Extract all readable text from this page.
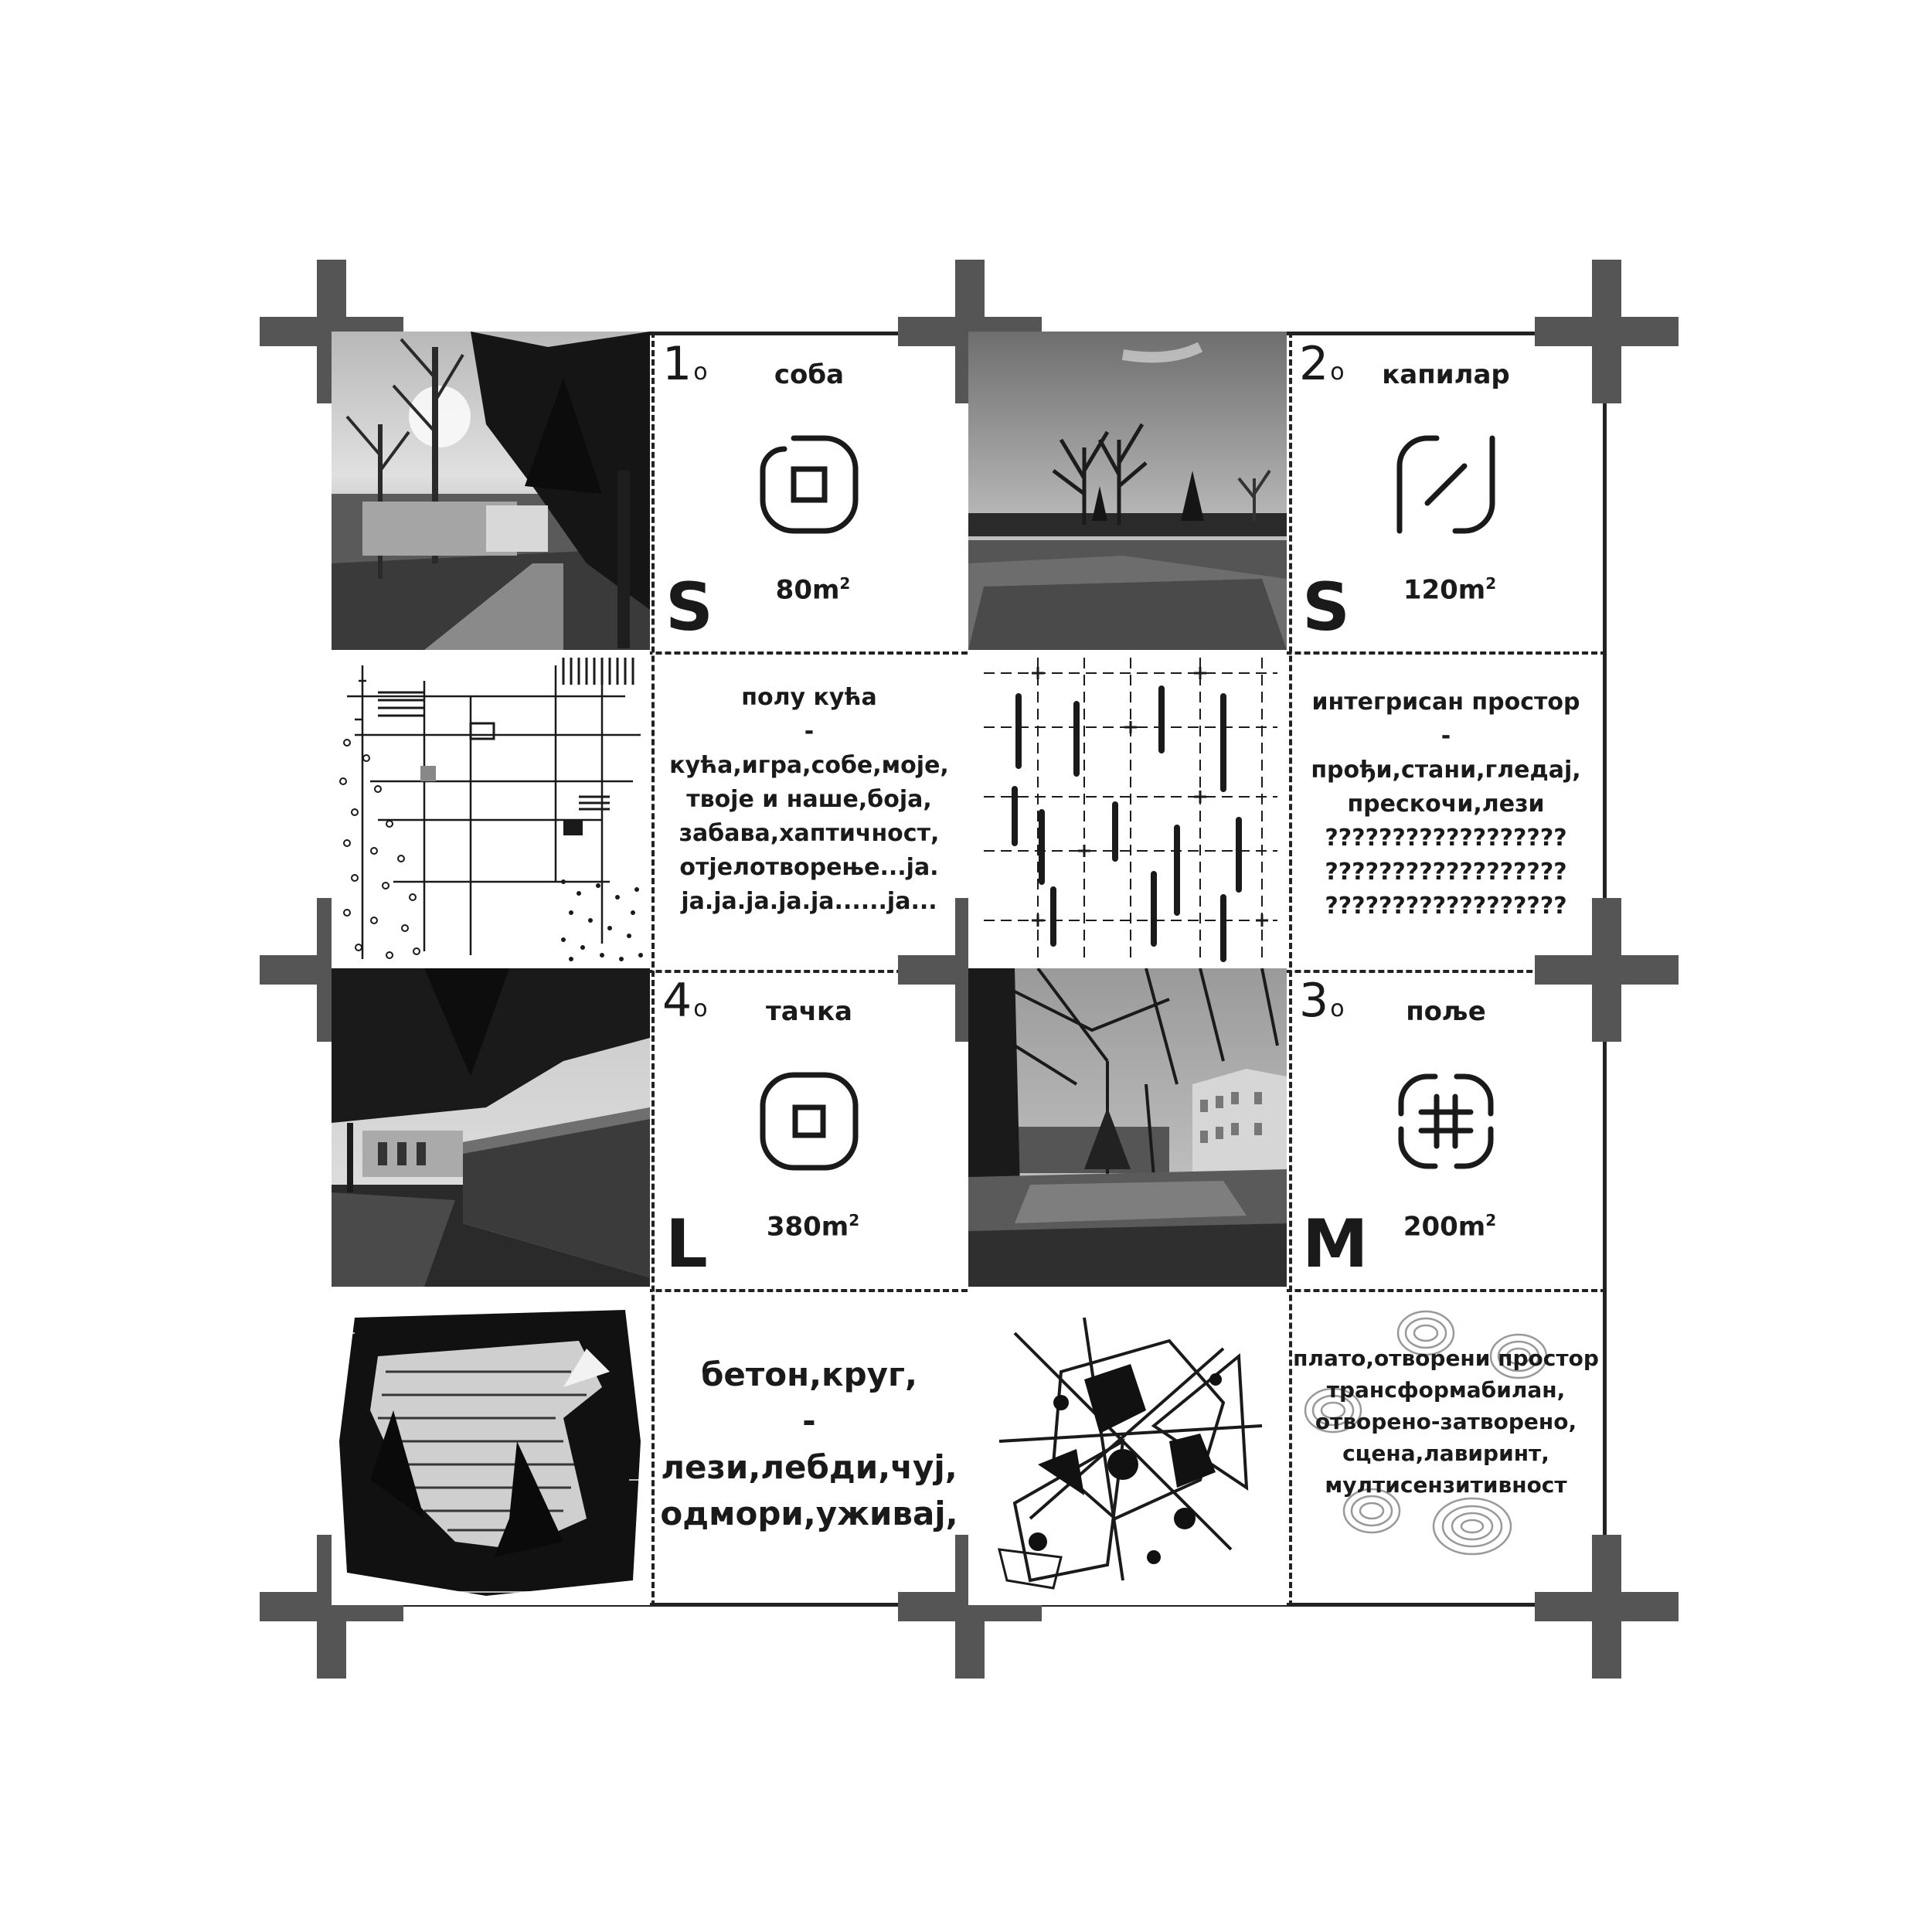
1o	соба
$80m^2$
S
2o	капилар
$120m^2$
S
полу кућа
-
кућа,игра,собе,моје,
твоје и наше,боја,
забава,хаптичност,
отјелотворење...ја.
ja.ja.ja.ja.ja......ja...
интегрисан простор
-
прођи,стани,гледај,
прескочи,лези
??????????????????
??????????????????
??????????????????
4o	тачка
$380m^2$
L
3o	поље
$200m^2$
M
бетон,круг,
-
лези,лебди,чуј,
одмори,уживај,
плато,отворени простор
трансформабилан,
отворено-затворено,
сцена,лавиринт,
мултисензитивност
